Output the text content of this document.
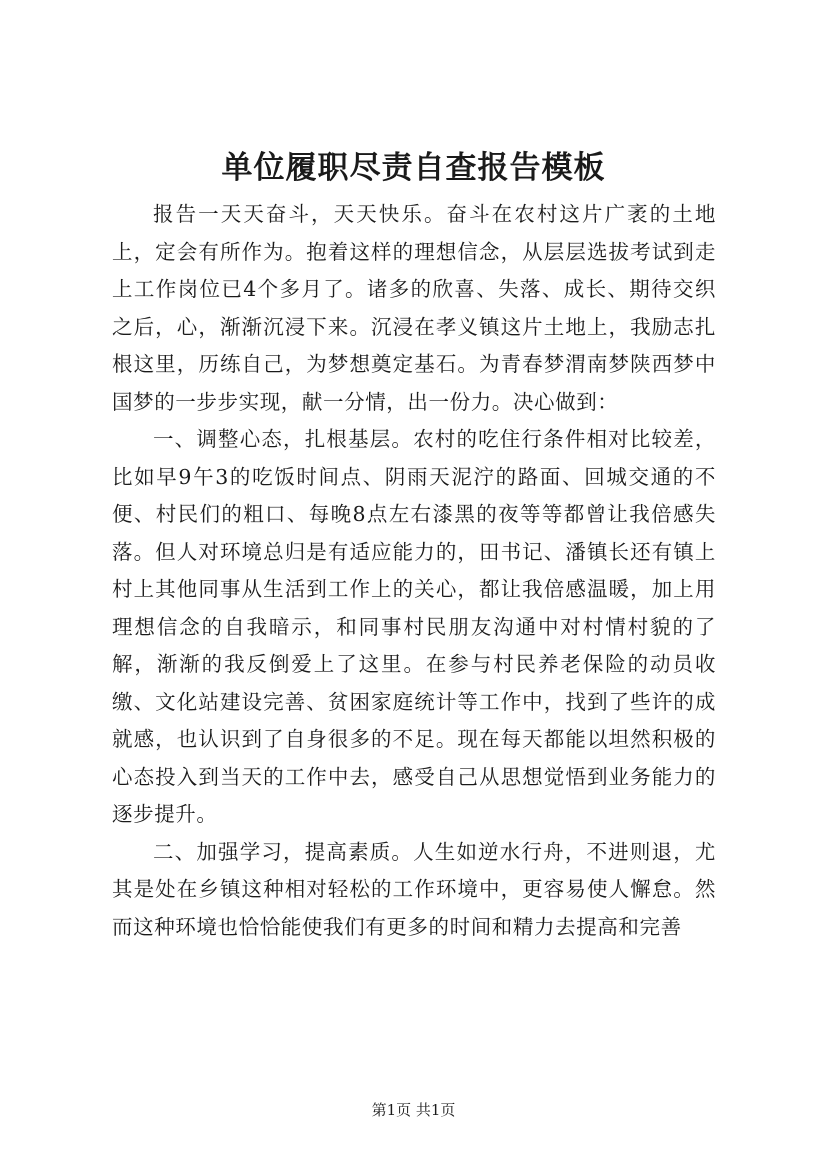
单位履职尽责自查报告模板

报告一天天奋斗，天天快乐。奋斗在农村这片广袤的土地上，定会有所作为。抱着这样的理想信念，从层层选拔考试到走上工作岗位已4个多月了。诸多的欣喜、失落、成长、期待交织之后，心，渐渐沉浸下来。沉浸在孝义镇这片土地上，我励志扎根这里，历练自己，为梦想奠定基石。为青春梦渭南梦陕西梦中国梦的一步步实现，献一分情，出一份力。决心做到：

一、调整心态，扎根基层。农村的吃住行条件相对比较差，比如早9午3的吃饭时间点、阴雨天泥泞的路面、回城交通的不便、村民们的粗口、每晚8点左右漆黑的夜等等都曾让我倍感失落。但人对环境总归是有适应能力的，田书记、潘镇长还有镇上村上其他同事从生活到工作上的关心，都让我倍感温暖，加上用理想信念的自我暗示，和同事村民朋友沟通中对村情村貌的了解，渐渐的我反倒爱上了这里。在参与村民养老保险的动员收缴、文化站建设完善、贫困家庭统计等工作中，找到了些许的成就感，也认识到了自身很多的不足。现在每天都能以坦然积极的心态投入到当天的工作中去，感受自己从思想觉悟到业务能力的逐步提升。

二、加强学习，提高素质。人生如逆水行舟，不进则退，尤其是处在乡镇这种相对轻松的工作环境中，更容易使人懈怠。然而这种环境也恰恰能使我们有更多的时间和精力去提高和完善

第1页 共1页
